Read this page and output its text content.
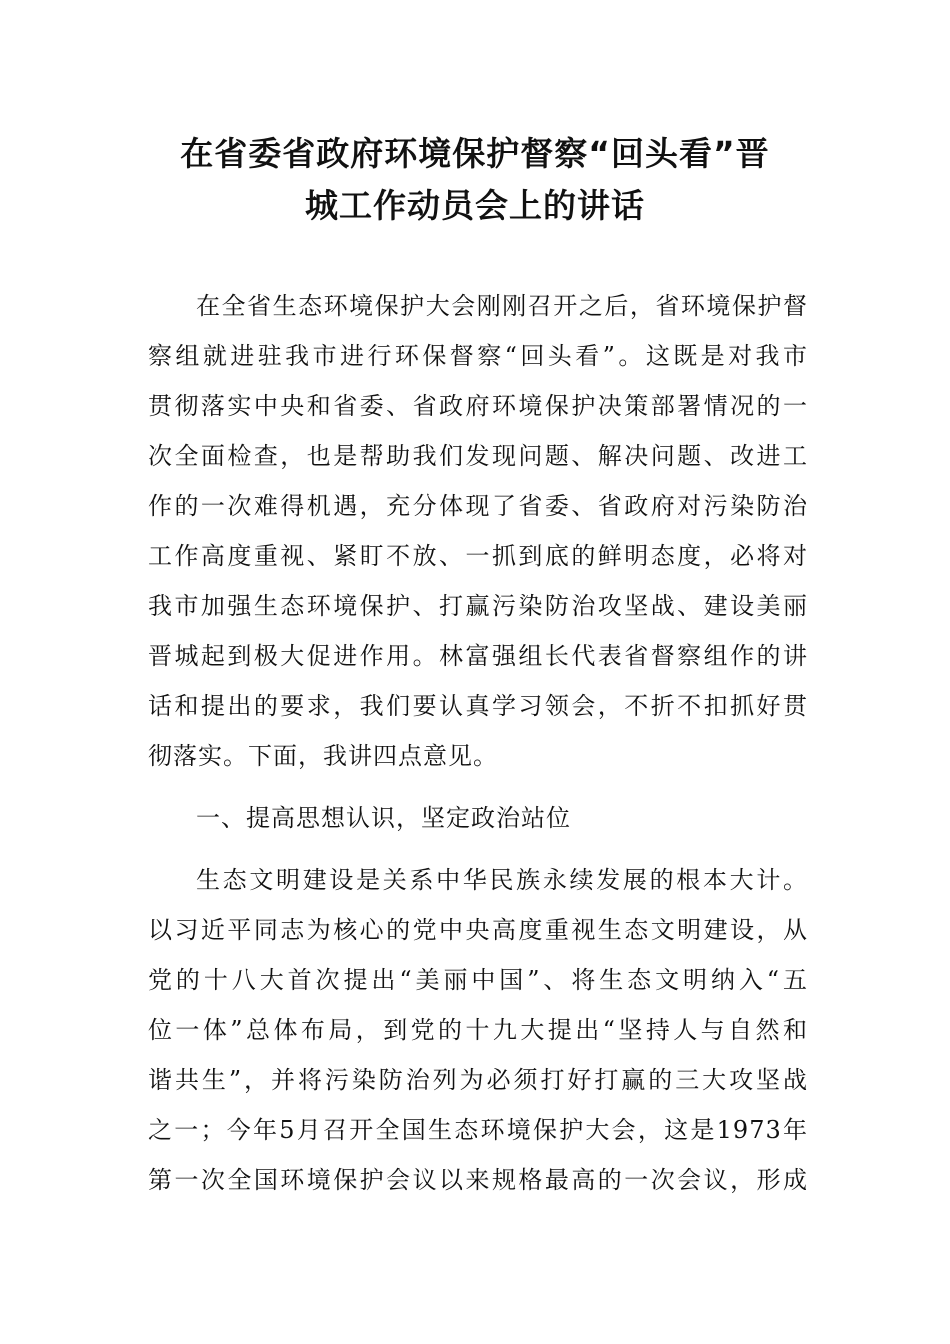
在省委省政府环境保护督察“回头看”晋
城工作动员会上的讲话
在全省生态环境保护大会刚刚召开之后，省环境保护督
察组就进驻我市进行环保督察“回头看”。这既是对我市
贯彻落实中央和省委、省政府环境保护决策部署情况的一
次全面检查，也是帮助我们发现问题、解决问题、改进工
作的一次难得机遇，充分体现了省委、省政府对污染防治
工作高度重视、紧盯不放、一抓到底的鲜明态度，必将对
我市加强生态环境保护、打赢污染防治攻坚战、建设美丽
晋城起到极大促进作用。林富强组长代表省督察组作的讲
话和提出的要求，我们要认真学习领会，不折不扣抓好贯
彻落实。下面，我讲四点意见。
一、提高思想认识，坚定政治站位
生态文明建设是关系中华民族永续发展的根本大计。
以习近平同志为核心的党中央高度重视生态文明建设，从
党的十八大首次提出“美丽中国”、将生态文明纳入“五
位一体”总体布局，到党的十九大提出“坚持人与自然和
谐共生”，并将污染防治列为必须打好打赢的三大攻坚战
之一；今年5月召开全国生态环境保护大会，这是1973年
第一次全国环境保护会议以来规格最高的一次会议，形成
